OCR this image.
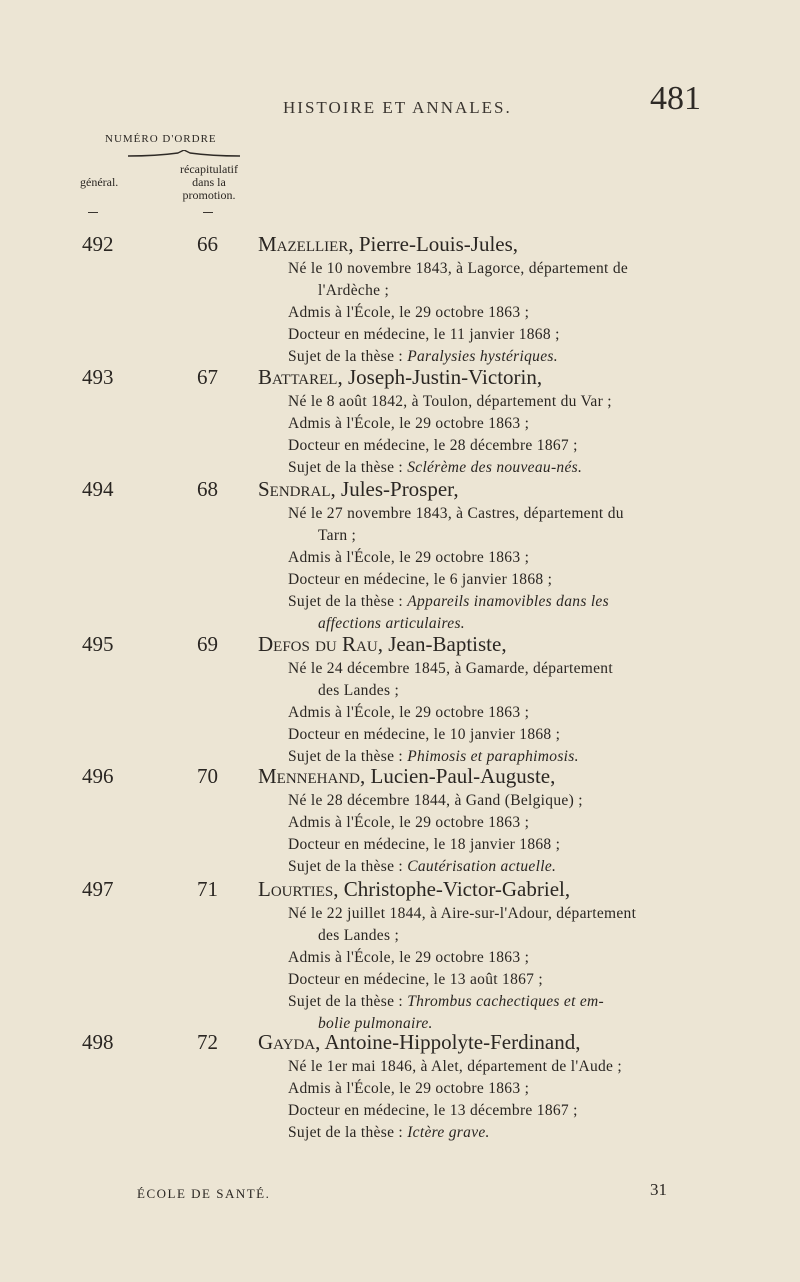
HISTOIRE ET ANNALES.	481
NUMÉRO D'ORDRE
général.
récapitulatif
dans la
promotion.
492	66 Mazellier, Pierre-Louis-Jules,
Né le 10 novembre 1843, à Lagorce, département de
l'Ardèche ;
Admis à l'École, le 29 octobre 1863 ;
Docteur en médecine, le 11 janvier 1868 ;
Sujet de la thèse : Paralysies hystériques.
493	67 Battarel, Joseph-Justin-Victorin,
Né le 8 août 1842, à Toulon, département du Var ;
Admis à l'École, le 29 octobre 1863 ;
Docteur en médecine, le 28 décembre 1867 ;
Sujet de la thèse : Sclérème des nouveau-nés.
494	68 Sendral, Jules-Prosper,
Né le 27 novembre 1843, à Castres, département du
Tarn ;
Admis à l'École, le 29 octobre 1863 ;
Docteur en médecine, le 6 janvier 1868 ;
Sujet de la thèse : Appareils inamovibles dans les
affections articulaires.
495	69 Defos du Rau, Jean-Baptiste,
Né le 24 décembre 1845, à Gamarde, département
des Landes ;
Admis à l'École, le 29 octobre 1863 ;
Docteur en médecine, le 10 janvier 1868 ;
Sujet de la thèse : Phimosis et paraphimosis.
496	70 Mennehand, Lucien-Paul-Auguste,
Né le 28 décembre 1844, à Gand (Belgique) ;
Admis à l'École, le 29 octobre 1863 ;
Docteur en médecine, le 18 janvier 1868 ;
Sujet de la thèse : Cautérisation actuelle.
497	71 Lourties, Christophe-Victor-Gabriel,
Né le 22 juillet 1844, à Aire-sur-l'Adour, département
des Landes ;
Admis à l'École, le 29 octobre 1863 ;
Docteur en médecine, le 13 août 1867 ;
Sujet de la thèse : Thrombus cachectiques et em-
bolie pulmonaire.
498	72 Gayda, Antoine-Hippolyte-Ferdinand,
Né le 1er mai 1846, à Alet, département de l'Aude ;
Admis à l'École, le 29 octobre 1863 ;
Docteur en médecine, le 13 décembre 1867 ;
Sujet de la thèse : Ictère grave.
ÉCOLE DE SANTÉ.	31
